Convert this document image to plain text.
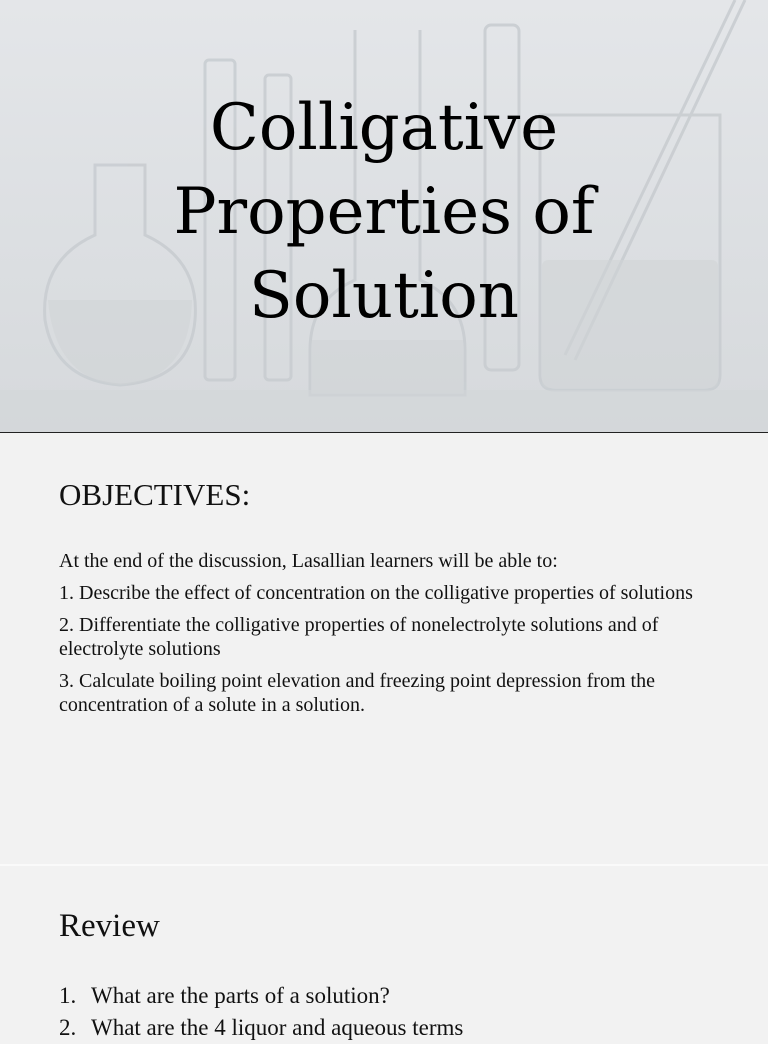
Colligative
Properties of
Solution
OBJECTIVES:

At the end of the discussion, Lasallian learners will be able to:

1. Describe the effect of concentration on the colligative properties of solutions

2. Differentiate the colligative properties of nonelectrolyte solutions and of electrolyte solutions

3. Calculate boiling point elevation and freezing point depression from the concentration of a solute in a solution.

Review
1. What are the parts of a solution?
2. What are the 4 liquor and aqueous terms
